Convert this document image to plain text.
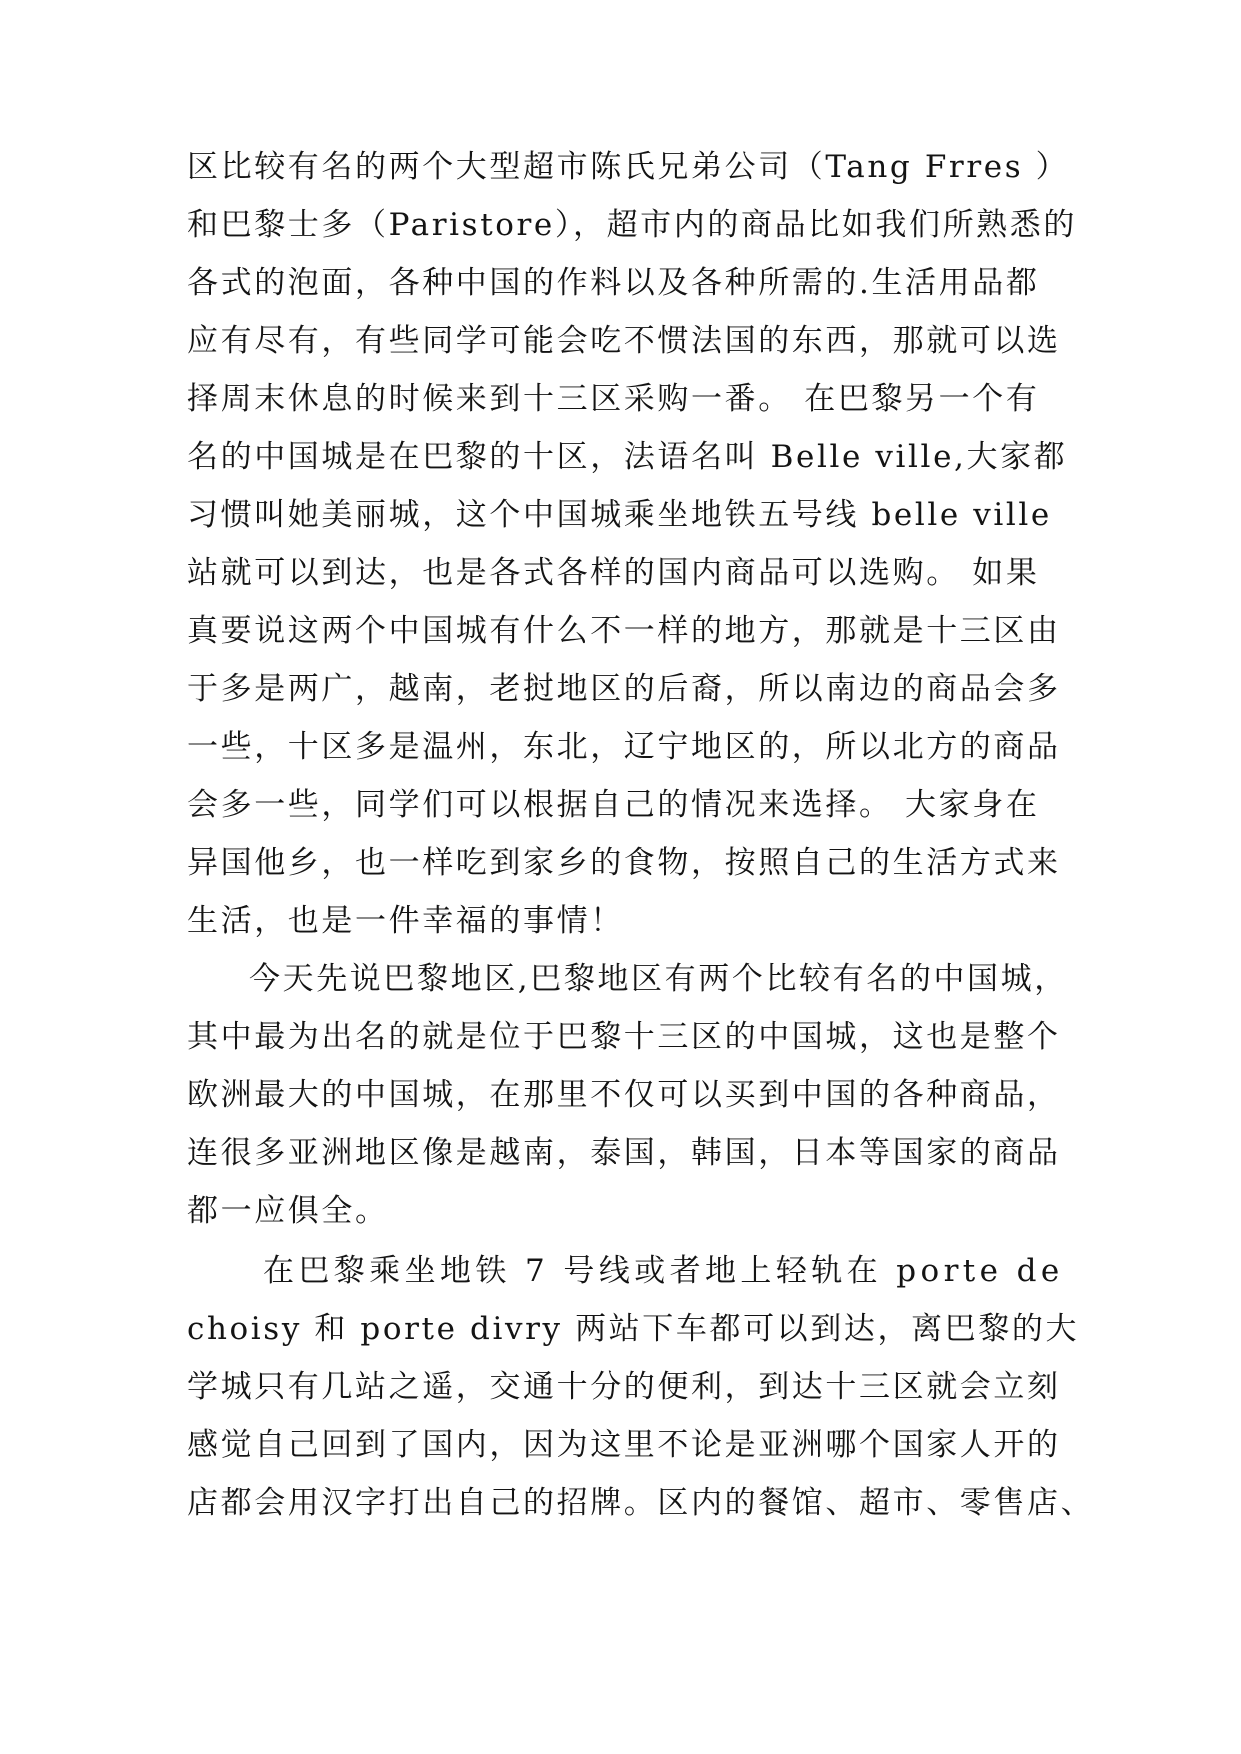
区比较有名的两个大型超市陈氏兄弟公司（Tang Frres ）
和巴黎士多（Paristore），超市内的商品比如我们所熟悉的
各式的泡面，各种中国的作料以及各种所需的.生活用品都
应有尽有，有些同学可能会吃不惯法国的东西，那就可以选
择周末休息的时候来到十三区采购一番。 在巴黎另一个有
名的中国城是在巴黎的十区，法语名叫 Belle ville,大家都
习惯叫她美丽城，这个中国城乘坐地铁五号线 belle ville
站就可以到达，也是各式各样的国内商品可以选购。 如果
真要说这两个中国城有什么不一样的地方，那就是十三区由
于多是两广，越南，老挝地区的后裔，所以南边的商品会多
一些，十区多是温州，东北，辽宁地区的，所以北方的商品
会多一些，同学们可以根据自己的情况来选择。 大家身在
异国他乡，也一样吃到家乡的食物，按照自己的生活方式来
生活，也是一件幸福的事情！
今天先说巴黎地区,巴黎地区有两个比较有名的中国城，
其中最为出名的就是位于巴黎十三区的中国城，这也是整个
欧洲最大的中国城，在那里不仅可以买到中国的各种商品，
连很多亚洲地区像是越南，泰国，韩国，日本等国家的商品
都一应俱全。
在巴黎乘坐地铁 7 号线或者地上轻轨在 porte de
choisy 和 porte divry 两站下车都可以到达，离巴黎的大
学城只有几站之遥，交通十分的便利，到达十三区就会立刻
感觉自己回到了国内，因为这里不论是亚洲哪个国家人开的
店都会用汉字打出自己的招牌。区内的餐馆、超市、零售店、
